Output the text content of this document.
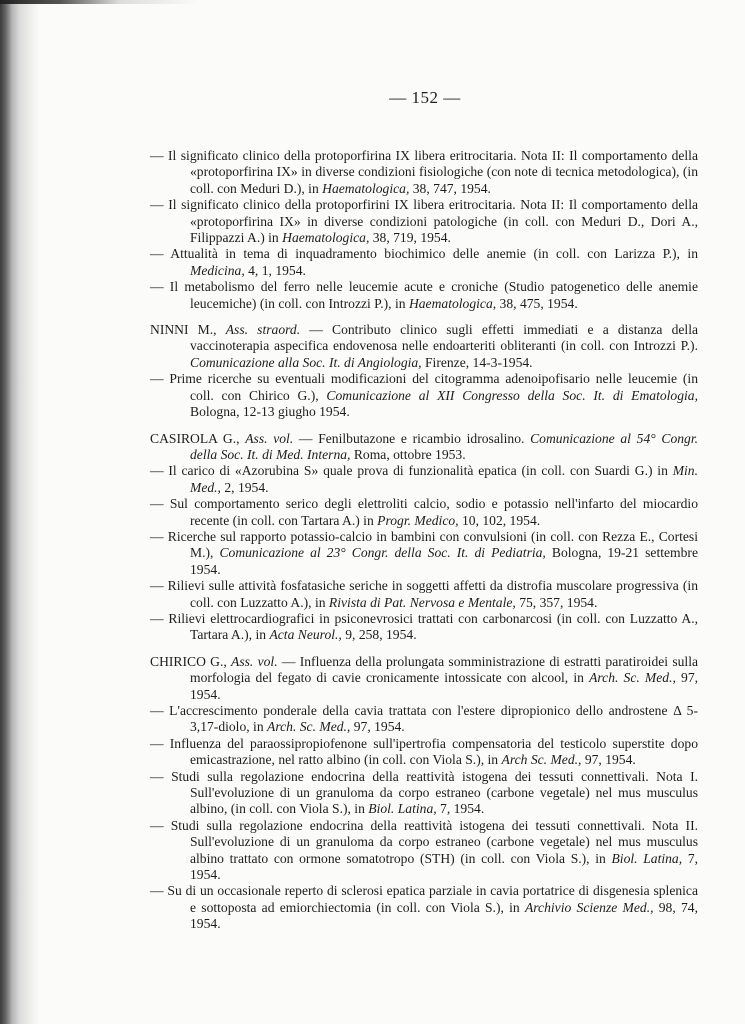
— 152 —
— Il significato clinico della protoporfirina IX libera eritrocitaria. Nota II: Il comportamento della «protoporfirina IX» in diverse condizioni fisiologiche (con note di tecnica metodologica), (in coll. con Meduri D.), in Haematologica, 38, 747, 1954.
— Il significato clinico della protoporfirini IX libera eritrocitaria. Nota II: Il comportamento della «protoporfirina IX» in diverse condizioni patologiche (in coll. con Meduri D., Dori A., Filippazzi A.) in Haematologica, 38, 719, 1954.
— Attualità in tema di inquadramento biochimico delle anemie (in coll. con Larizza P.), in Medicina, 4, 1, 1954.
— Il metabolismo del ferro nelle leucemie acute e croniche (Studio patogenetico delle anemie leucemiche) (in coll. con Introzzi P.), in Haematologica, 38, 475, 1954.
NINNI M., Ass. straord. — Contributo clinico sugli effetti immediati e a distanza della vaccinoterapia aspecifica endovenosa nelle endoarteriti obliteranti (in coll. con Introzzi P.). Comunicazione alla Soc. It. di Angiologia, Firenze, 14-3-1954.
— Prime ricerche su eventuali modificazioni del citogramma adenoipofisario nelle leucemie (in coll. con Chirico G.), Comunicazione al XII Congresso della Soc. It. di Ematologia, Bologna, 12-13 giugho 1954.
CASIROLA G., Ass. vol. — Fenilbutazone e ricambio idrosalino. Comunicazione al 54° Congr. della Soc. It. di Med. Interna, Roma, ottobre 1953.
— Il carico di «Azorubina S» quale prova di funzionalità epatica (in coll. con Suardi G.) in Min. Med., 2, 1954.
— Sul comportamento serico degli elettroliti calcio, sodio e potassio nell'infarto del miocardio recente (in coll. con Tartara A.) in Progr. Medico, 10, 102, 1954.
— Ricerche sul rapporto potassio-calcio in bambini con convulsioni (in coll. con Rezza E., Cortesi M.), Comunicazione al 23° Congr. della Soc. It. di Pediatria, Bologna, 19-21 settembre 1954.
— Rilievi sulle attività fosfatasiche seriche in soggetti affetti da distrofia muscolare progressiva (in coll. con Luzzatto A.), in Rivista di Pat. Nervosa e Mentale, 75, 357, 1954.
— Rilievi elettrocardiografici in psiconevrosici trattati con carbonarcosi (in coll. con Luzzatto A., Tartara A.), in Acta Neurol., 9, 258, 1954.
CHIRICO G., Ass. vol. — Influenza della prolungata somministrazione di estratti paratiroidei sulla morfologia del fegato di cavie cronicamente intossicate con alcool, in Arch. Sc. Med., 97, 1954.
— L'accrescimento ponderale della cavia trattata con l'estere dipropionico dello androstene Δ 5-3,17-diolo, in Arch. Sc. Med., 97, 1954.
— Influenza del paraossipropiofenone sull'ipertrofia compensatoria del testicolo superstite dopo emicastrazione, nel ratto albino (in coll. con Viola S.), in Arch Sc. Med., 97, 1954.
— Studi sulla regolazione endocrina della reattività istogena dei tessuti connettivali. Nota I. Sull'evoluzione di un granuloma da corpo estraneo (carbone vegetale) nel mus musculus albino, (in coll. con Viola S.), in Biol. Latina, 7, 1954.
— Studi sulla regolazione endocrina della reattività istogena dei tessuti connettivali. Nota II. Sull'evoluzione di un granuloma da corpo estraneo (carbone vegetale) nel mus musculus albino trattato con ormone somatotropo (STH) (in coll. con Viola S.), in Biol. Latina, 7, 1954.
— Su di un occasionale reperto di sclerosi epatica parziale in cavia portatrice di disgenesia splenica e sottoposta ad emiorchiectomia (in coll. con Viola S.), in Archivio Scienze Med., 98, 74, 1954.
